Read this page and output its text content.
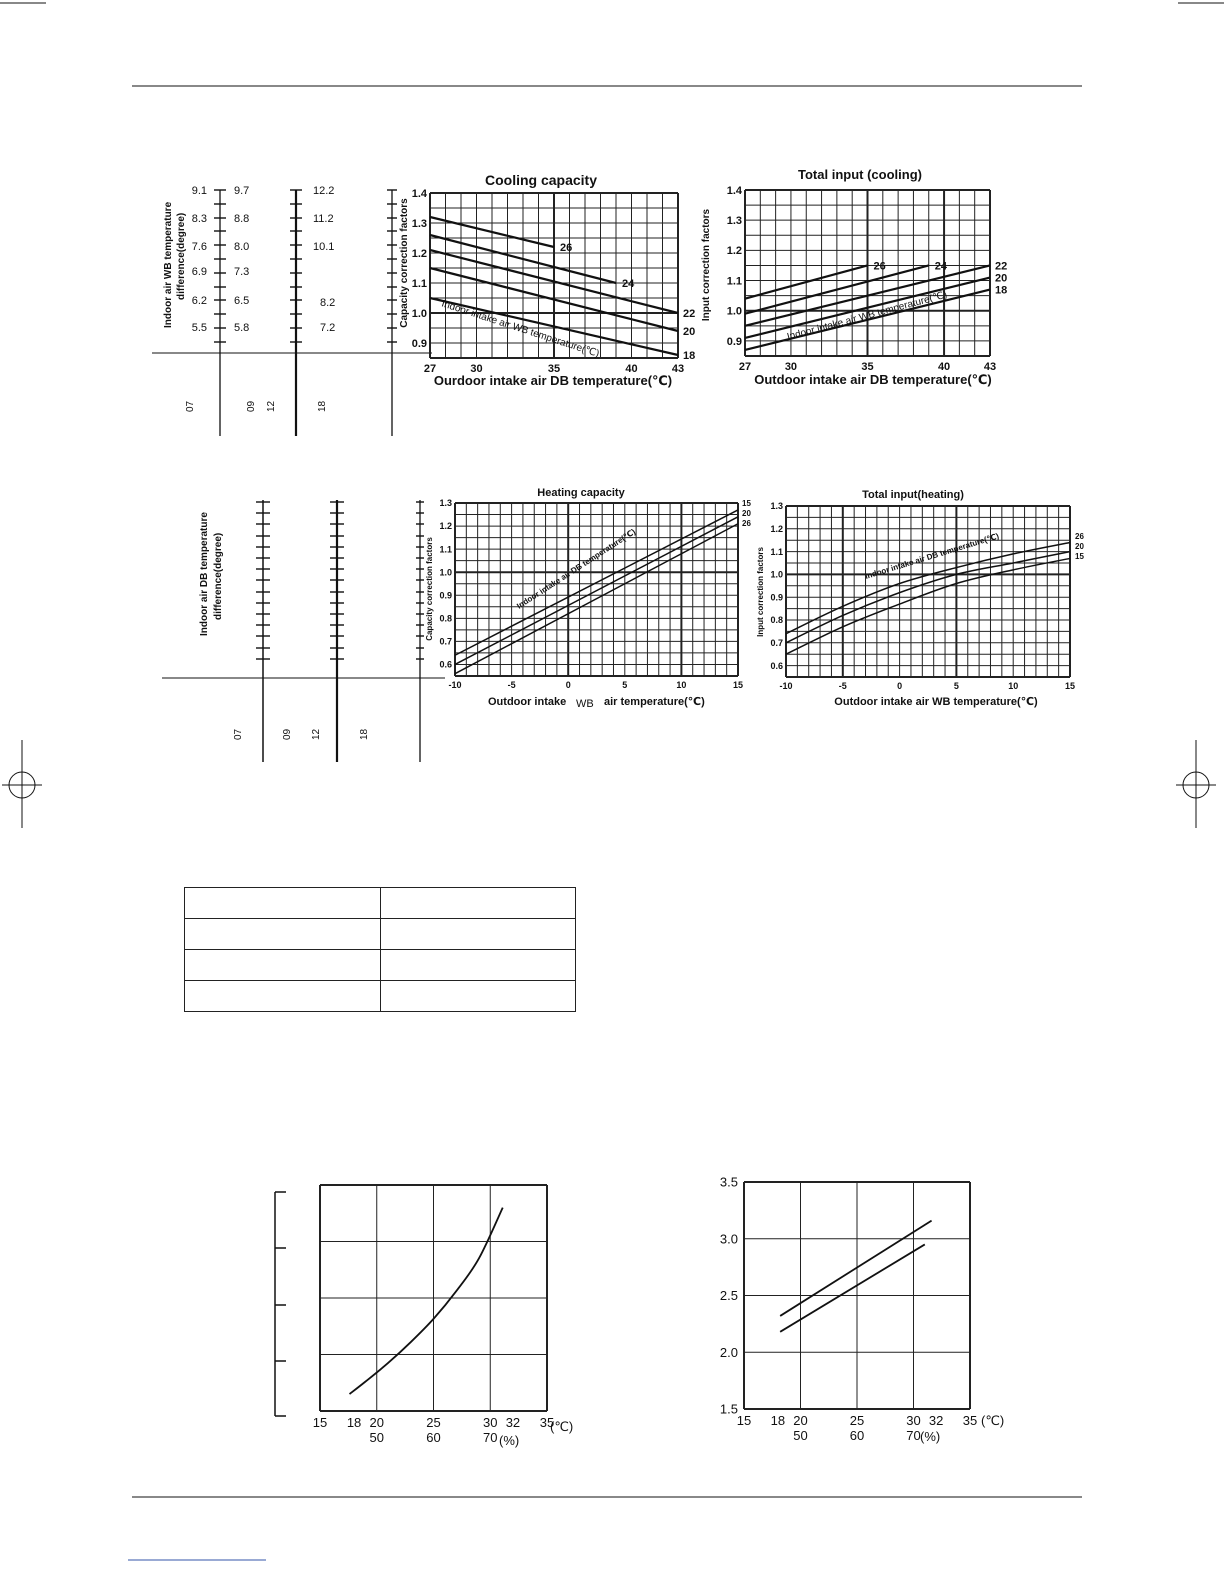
Indoor air WB temperature difference(degree)
9.1
8.3
7.6
6.9
6.2
5.5
9.7
8.8
8.0
7.3
6.5
5.8
12.2
11.2
10.1
8.2
7.2
07	09 12	18
Indoor air DB temperature difference(degree)
07	09 12	18
27	30	35	40	43
1.4
1.3
1.2
1.1
1.0
0.9
26
24
22
20
18
Cooling capacity
Ourdoor intake air DB temperature(℃)
Capacity correction factors
Indoor intake air WB temperature(℃)
27	30	35	40	43
1.4
1.3
1.2
1.1
1.0
0.9
26	24	22
20
18
Total input (cooling)
Outdoor intake air DB temperature(℃)
Input correction factors	Indoor intake air WB temperature(℃)
-10	-5	0	5	10	15
1.3
1.2
1.1
1.0
0.9
0.8
0.7
0.6
15
20
26
Heating capacity
Outdoor intake WB air temperature(℃)
Capacity correction factors	Indoor intake air DB temperature(℃)
-10	-5	0	5	10	15
1.3
1.2
1.1
1.0
0.9
0.8
0.7
0.6
26
20
15
Total input(heating)
Outdoor intake air WB temperature(℃)
Input correction factors	Indoor intake air DB temperature(℃)
15 18 20	25	30 32 35
50	60	70
(℃)
(%)
15 18 20	25	30 32 35
50	60	70
3.5
3.0
2.5
2.0
1.5
(℃)
(%)
